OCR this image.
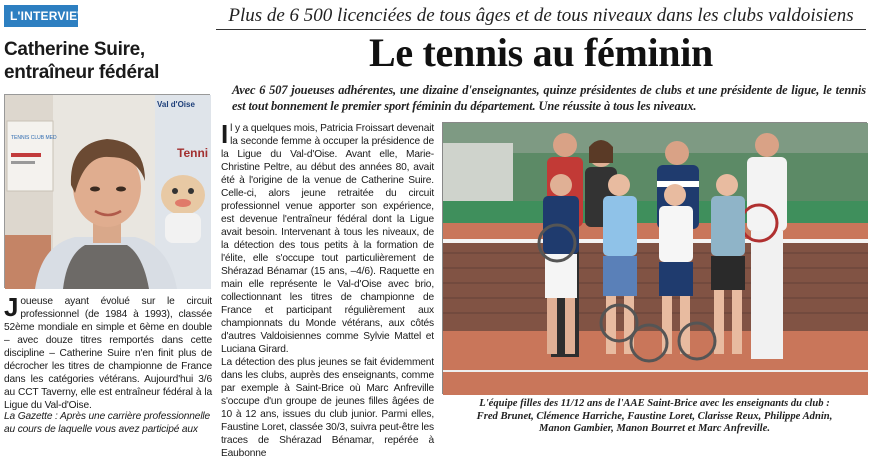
L'INTERVIEW
Catherine Suire,
entraîneur fédéral
TENNIS CLUB MED
Val d'Oise
Tenni
Joueuse ayant évolué sur le circuit professionnel (de 1984 à 1993), classée 52ème mondiale en simple et 6ème en double – avec douze titres remportés dans cette discipline – Catherine Suire n'en finit plus de décrocher les titres de championne de France dans les catégories vétérans. Aujourd'hui 3/6 au CCT Taverny, elle est entraîneur fédéral à la Ligue du Val-d'Oise.
La Gazette : Après une carrière professionnelle au cours de laquelle vous avez participé aux
Plus de 6 500 licenciées de tous âges et de tous niveaux dans les clubs valdoisiens
Le tennis au féminin
Avec 6 507 joueuses adhérentes, une dizaine d'enseignantes, quinze présidentes de clubs et une présidente de ligue, le tennis est tout bonnement le premier sport féminin du département. Une réussite à tous les niveaux.

Il y a quelques mois, Patricia Froissart devenait la seconde femme à occuper la présidence de la Ligue du Val-d'Oise. Avant elle, Marie-Christine Peltre, au début des années 80, avait été à l'origine de la venue de Catherine Suire. Celle-ci, alors jeune retraitée du circuit professionnel venue apporter son expérience, est devenue l'entraîneur fédéral dont la Ligue avait besoin. Intervenant à tous les niveaux, de la détection des tous petits à la formation de l'élite, elle s'occupe tout particulièrement de Shérazad Bénamar (15 ans, –4/6). Raquette en main elle représente le Val-d'Oise avec brio, collectionnant les titres de championne de France et participant régulièrement aux championnats du Monde vétérans, aux côtés d'autres Valdoisiennes comme Sylvie Mattel et Luciana Girard.

La détection des plus jeunes se fait évidemment dans les clubs, auprès des enseignants, comme par exemple à Saint-Brice où Marc Anfreville s'occupe d'un groupe de jeunes filles âgées de 10 à 12 ans, issues du club junior. Parmi elles, Faustine Loret, classée 30/3, suivra peut-être les traces de Shérazad Bénamar, repérée à Eaubonne

L'équipe filles des 11/12 ans de l'AAE Saint-Brice avec les enseignants du club :
Fred Brunet, Clémence Harriche, Faustine Loret, Clarisse Reux, Philippe Adnin,
Manon Gambier, Manon Bourret et Marc Anfreville.
